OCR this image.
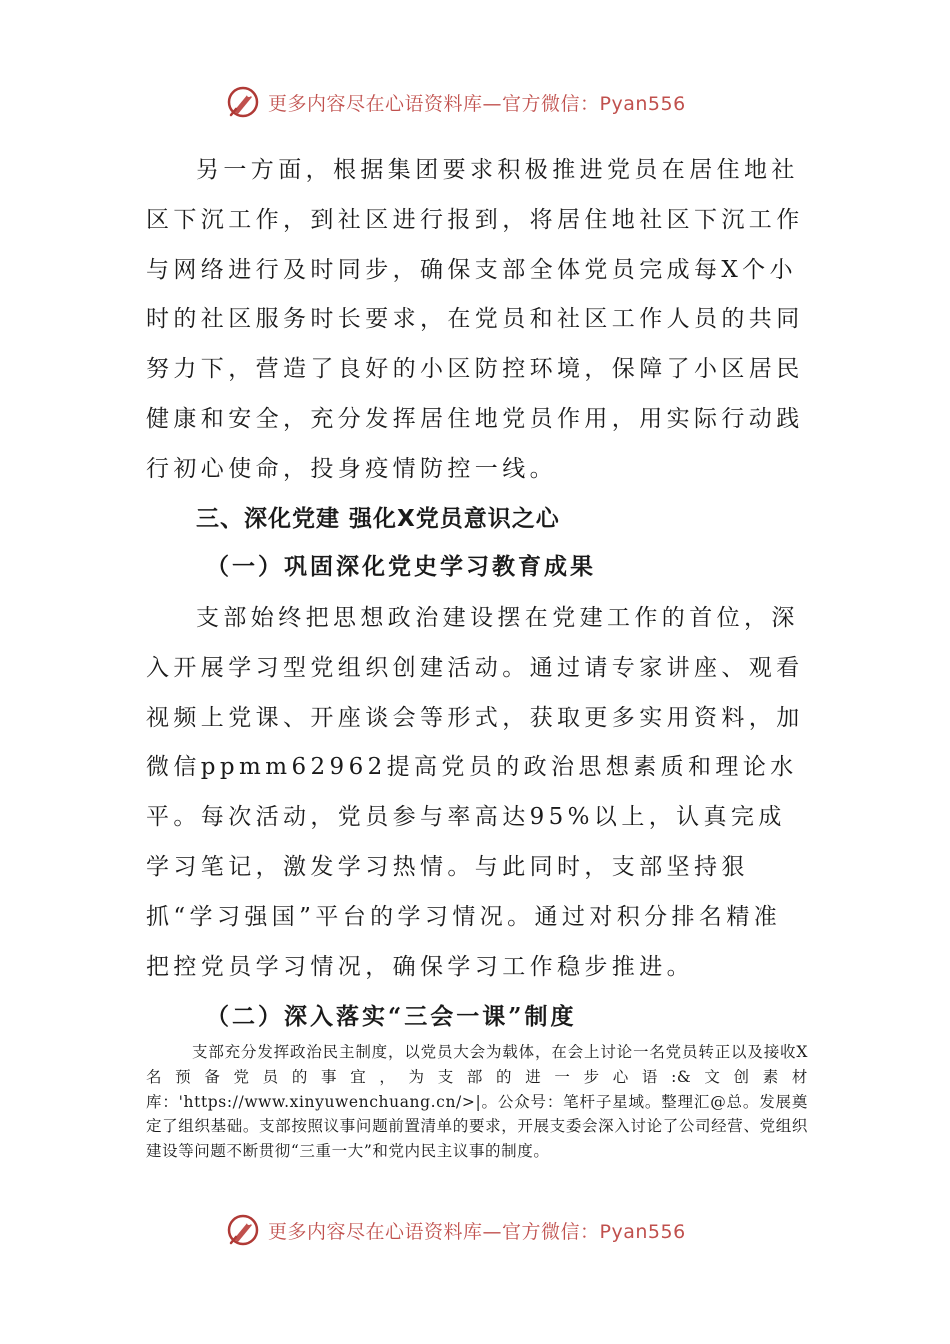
更多内容尽在心语资料库—官方微信：Pyan556

另一方面，根据集团要求积极推进党员在居住地社区下沉工作，到社区进行报到，将居住地社区下沉工作与网络进行及时同步，确保支部全体党员完成每X个小时的社区服务时长要求，在党员和社区工作人员的共同努力下，营造了良好的小区防控环境，保障了小区居民健康和安全，充分发挥居住地党员作用，用实际行动践行初心使命，投身疫情防控一线。

三、深化党建 强化X党员意识之心
（一）巩固深化党史学习教育成果

支部始终把思想政治建设摆在党建工作的首位，深入开展学习型党组织创建活动。通过请专家讲座、观看视频上党课、开座谈会等形式，获取更多实用资料，加微信ppmm62962提高党员的政治思想素质和理论水平。每次活动，党员参与率高达95%以上，认真完成学习笔记，激发学习热情。与此同时，支部坚持狠抓“学习强国”平台的学习情况。通过对积分排名精准把控党员学习情况，确保学习工作稳步推进。

（二）深入落实“三会一课”制度

支部充分发挥政治民主制度，以党员大会为载体，在会上讨论一名党员转正以及接收X名预备党员的事宜，为支部的进一步心语:&文创素材库：'https://www.xinyuwenchuang.cn/>|。公众号：笔杆子星域。整理汇@总。发展奠定了组织基础。支部按照议事问题前置清单的要求，开展支委会深入讨论了公司经营、党组织建设等问题不断贯彻“三重一大”和党内民主议事的制度。

更多内容尽在心语资料库—官方微信：Pyan556
